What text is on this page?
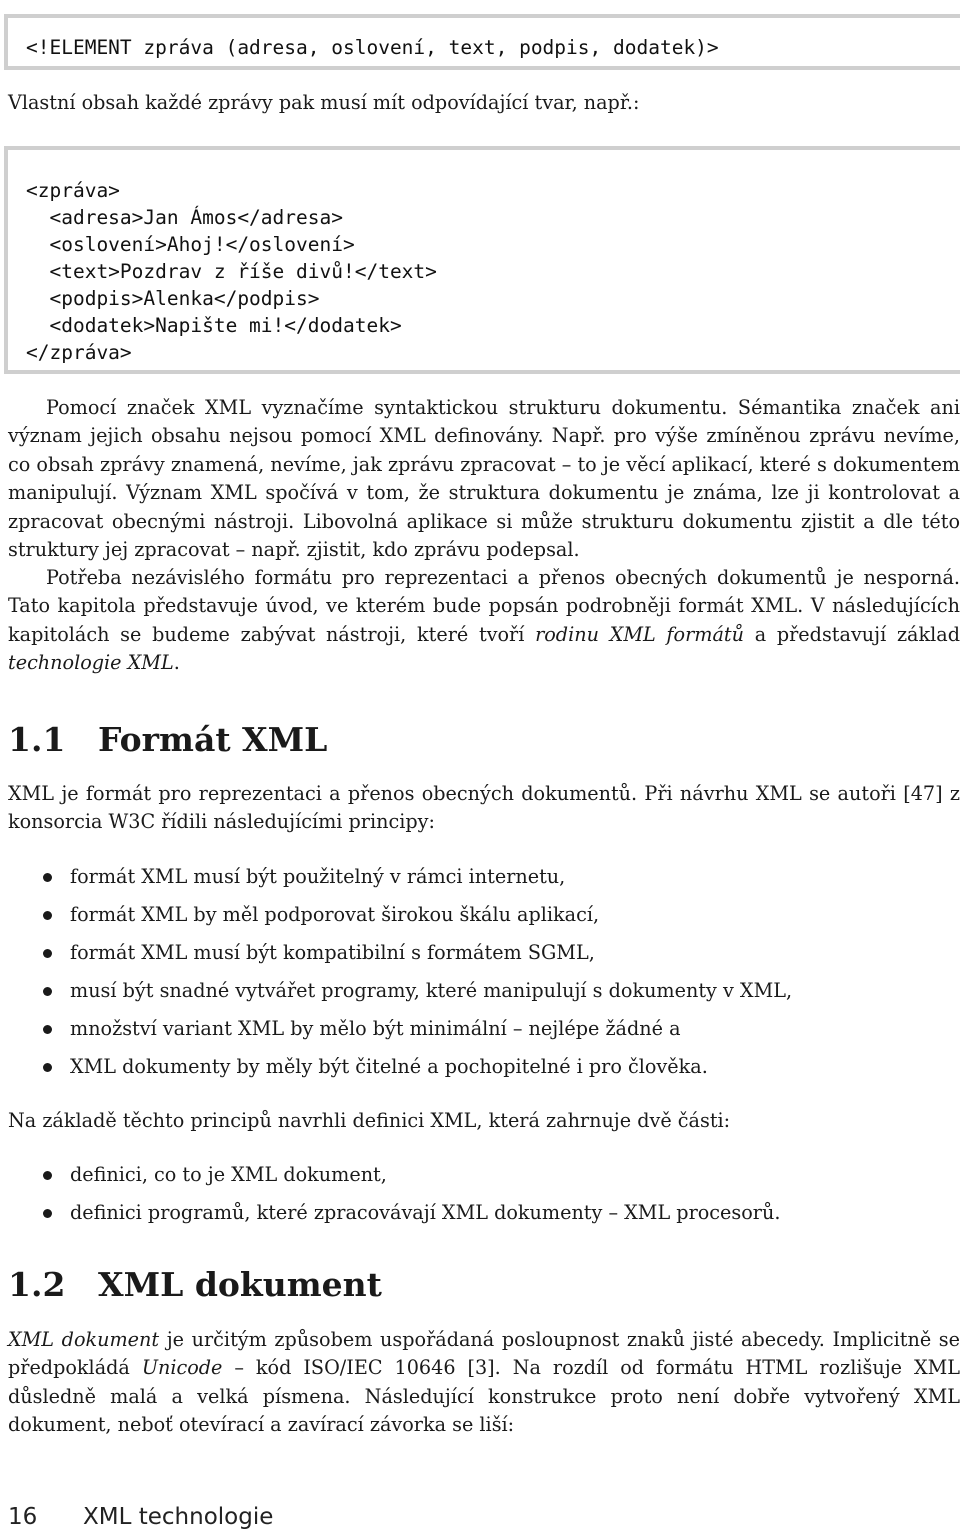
<!ELEMENT zpráva (adresa, oslovení, text, podpis, dodatek)>

Vlastní obsah každé zprávy pak musí mít odpovídající tvar, např.:

<zpráva>
<adresa>Jan Ámos</adresa>
<oslovení>Ahoj!</oslovení>
<text>Pozdrav z říše divů!</text>
<podpis>Alenka</podpis>
<dodatek>Napište mi!</dodatek>
</zpráva>

Pomocí značek XML vyznačíme syntaktickou strukturu dokumentu. Sémantika značek ani význam jejich obsahu nejsou pomocí XML definovány. Např. pro výše zmíněnou zprávu nevíme, co obsah zprávy znamená, nevíme, jak zprávu zpracovat – to je věcí aplikací, které s dokumentem manipulují. Význam XML spočívá v tom, že struktura dokumentu je známa, lze ji kontrolovat a zpracovat obecnými nástroji. Libovolná aplikace si může strukturu dokumentu zjistit a dle této struktury jej zpracovat – např. zjistit, kdo zprávu podepsal.

Potřeba nezávislého formátu pro reprezentaci a přenos obecných dokumentů je nesporná. Tato kapitola představuje úvod, ve kterém bude popsán podrobněji formát XML. V následujících kapitolách se budeme zabývat nástroji, které tvoří rodinu XML formátů a představují základ technologie XML.

1.1 Formát XML

XML je formát pro reprezentaci a přenos obecných dokumentů. Při návrhu XML se autoři [47] z konsorcia W3C řídili následujícími principy:

formát XML musí být použitelný v rámci internetu,
formát XML by měl podporovat širokou škálu aplikací,
formát XML musí být kompatibilní s formátem SGML,
musí být snadné vytvářet programy, které manipulují s dokumenty v XML,
množství variant XML by mělo být minimální – nejlépe žádné a
XML dokumenty by měly být čitelné a pochopitelné i pro člověka.

Na základě těchto principů navrhli definici XML, která zahrnuje dvě části:

definici, co to je XML dokument,
definici programů, které zpracovávají XML dokumenty – XML procesorů.
1.2 XML dokument

XML dokument je určitým způsobem uspořádaná posloupnost znaků jisté abecedy. Implicitně se předpokládá Unicode – kód ISO/IEC 10646 [3]. Na rozdíl od formátu HTML rozlišuje XML důsledně malá a velká písmena. Následující konstrukce proto není dobře vytvořený XML dokument, neboť otevírací a zavírací závorka se liší:

16 XML technologie
